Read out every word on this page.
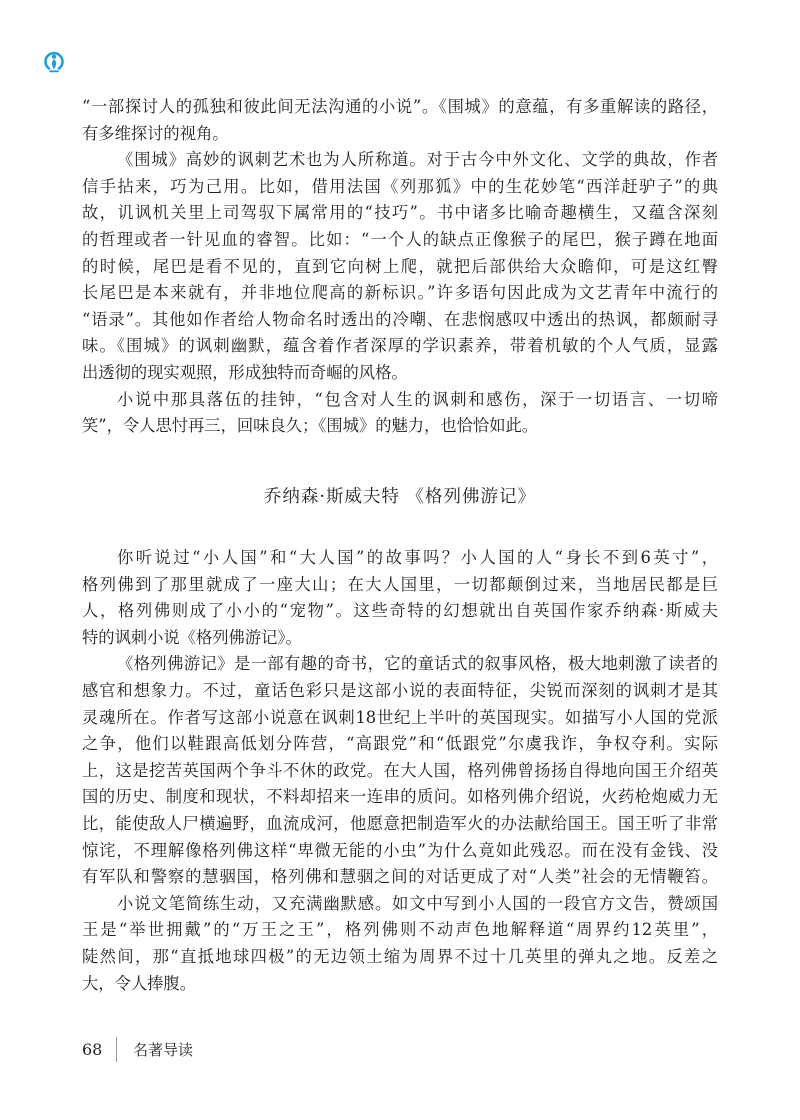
“一部探讨人的孤独和彼此间无法沟通的小说”。《围城》的意蕴，有多重解读的路径，
有多维探讨的视角。
《围城》高妙的讽刺艺术也为人所称道。对于古今中外文化、文学的典故，作者
信手拈来，巧为己用。比如，借用法国《列那狐》中的生花妙笔“西洋赶驴子”的典
故，讥讽机关里上司驾驭下属常用的“技巧”。书中诸多比喻奇趣横生，又蕴含深刻
的哲理或者一针见血的睿智。比如：“一个人的缺点正像猴子的尾巴，猴子蹲在地面
的时候，尾巴是看不见的，直到它向树上爬，就把后部供给大众瞻仰，可是这红臀
长尾巴是本来就有，并非地位爬高的新标识。”许多语句因此成为文艺青年中流行的
“语录”。其他如作者给人物命名时透出的冷嘲、在悲悯感叹中透出的热讽，都颇耐寻
味。《围城》的讽刺幽默，蕴含着作者深厚的学识素养，带着机敏的个人气质，显露
出透彻的现实观照，形成独特而奇崛的风格。
小说中那具落伍的挂钟，“包含对人生的讽刺和感伤，深于一切语言、一切啼
笑”，令人思忖再三，回味良久；《围城》的魅力，也恰恰如此。
乔纳森·斯威夫特 《格列佛游记》
你听说过“小人国”和“大人国”的故事吗？小人国的人“身长不到6英寸”，
格列佛到了那里就成了一座大山；在大人国里，一切都颠倒过来，当地居民都是巨
人，格列佛则成了小小的“宠物”。这些奇特的幻想就出自英国作家乔纳森·斯威夫
特的讽刺小说《格列佛游记》。
《格列佛游记》是一部有趣的奇书，它的童话式的叙事风格，极大地刺激了读者的
感官和想象力。不过，童话色彩只是这部小说的表面特征，尖锐而深刻的讽刺才是其
灵魂所在。作者写这部小说意在讽刺18世纪上半叶的英国现实。如描写小人国的党派
之争，他们以鞋跟高低划分阵营，“高跟党”和“低跟党”尔虞我诈，争权夺利。实际
上，这是挖苦英国两个争斗不休的政党。在大人国，格列佛曾扬扬自得地向国王介绍英
国的历史、制度和现状，不料却招来一连串的质问。如格列佛介绍说，火药枪炮威力无
比，能使敌人尸横遍野，血流成河，他愿意把制造军火的办法献给国王。国王听了非常
惊诧，不理解像格列佛这样“卑微无能的小虫”为什么竟如此残忍。而在没有金钱、没
有军队和警察的慧骃国，格列佛和慧骃之间的对话更成了对“人类”社会的无情鞭笞。
小说文笔简练生动，又充满幽默感。如文中写到小人国的一段官方文告，赞颂国
王是“举世拥戴”的“万王之王”，格列佛则不动声色地解释道“周界约12英里”，
陡然间，那“直抵地球四极”的无边领土缩为周界不过十几英里的弹丸之地。反差之
大，令人捧腹。
68 名著导读
